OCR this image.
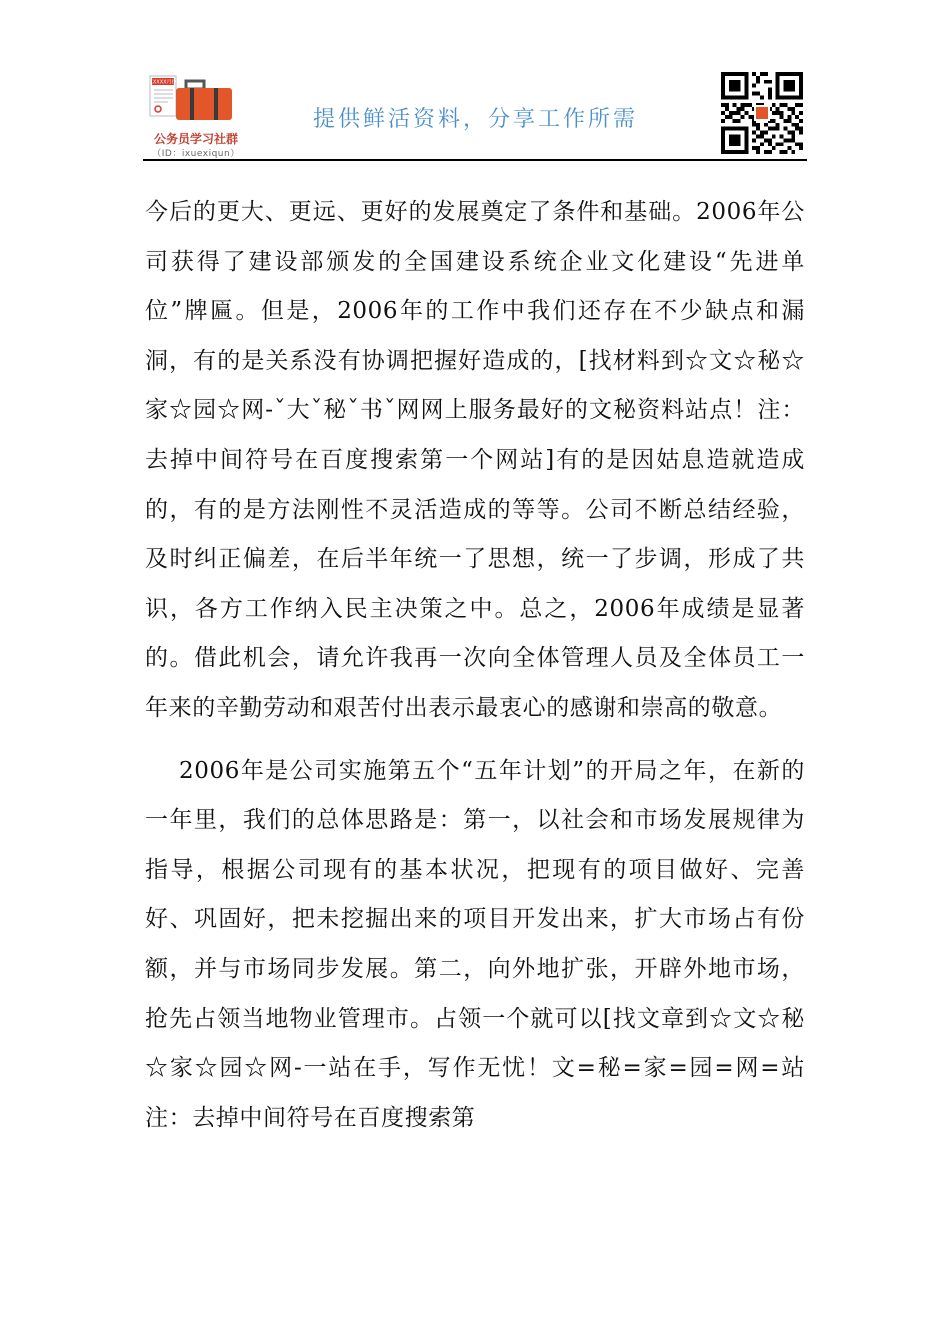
XXXXX月份
公务员学习社群
（ID：ixuexiqun）
提供鲜活资料，分享工作所需

今后的更大、更远、更好的发展奠定了条件和基础。2006年公司获得了建设部颁发的全国建设系统企业文化建设“先进单位”牌匾。但是，2006年的工作中我们还存在不少缺点和漏洞，有的是关系没有协调把握好造成的，[找材料到☆文☆秘☆家☆园☆网-ˇ大ˇ秘ˇ书ˇ网网上服务最好的文秘资料站点！注：去掉中间符号在百度搜索第一个网站]有的是因姑息造就造成的，有的是方法刚性不灵活造成的等等。公司不断总结经验，及时纠正偏差，在后半年统一了思想，统一了步调，形成了共识，各方工作纳入民主决策之中。总之，2006年成绩是显著的。借此机会，请允许我再一次向全体管理人员及全体员工一年来的辛勤劳动和艰苦付出表示最衷心的感谢和崇高的敬意。

2006年是公司实施第五个“五年计划”的开局之年，在新的一年里，我们的总体思路是：第一，以社会和市场发展规律为指导，根据公司现有的基本状况，把现有的项目做好、完善好、巩固好，把未挖掘出来的项目开发出来，扩大市场占有份额，并与市场同步发展。第二，向外地扩张，开辟外地市场，抢先占领当地物业管理市。占领一个就可以[找文章到☆文☆秘☆家☆园☆网-一站在手，写作无忧！文=秘=家=园=网=站注：去掉中间符号在百度搜索第
